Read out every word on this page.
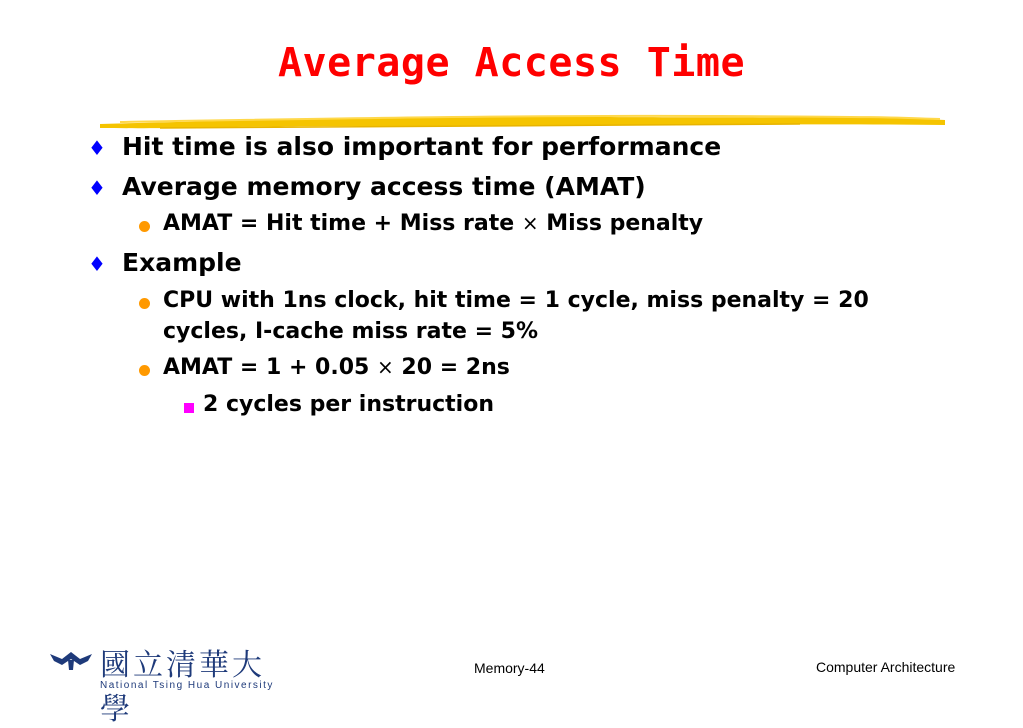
Average Access Time
♦ Hit time is also important for performance
♦ Average memory access time (AMAT)
AMAT = Hit time + Miss rate × Miss penalty
♦ Example
CPU with 1ns clock, hit time = 1 cycle, miss penalty = 20
cycles, I-cache miss rate = 5%
AMAT = 1 + 0.05 × 20 = 2ns
2 cycles per instruction
國立清華大學
National Tsing Hua University
Memory-44	Computer Architecture
